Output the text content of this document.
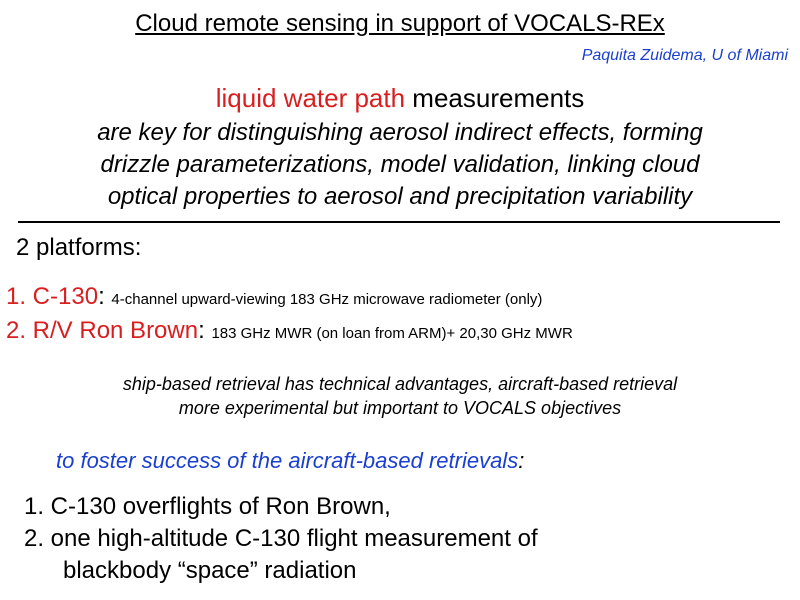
Cloud remote sensing in support of VOCALS-REx
Paquita Zuidema, U of Miami
liquid water path measurements
are key for distinguishing aerosol indirect effects, forming
drizzle parameterizations, model validation, linking cloud
optical properties to aerosol and precipitation variability
2 platforms:
1. C-130: 4-channel upward-viewing 183 GHz microwave radiometer (only)
2. R/V Ron Brown: 183 GHz MWR (on loan from ARM)+ 20,30 GHz MWR
ship-based retrieval has technical advantages, aircraft-based retrieval
more experimental but important to VOCALS objectives
to foster success of the aircraft-based retrievals:
1. C-130 overflights of Ron Brown,
2. one high-altitude C-130 flight measurement of
blackbody “space” radiation
